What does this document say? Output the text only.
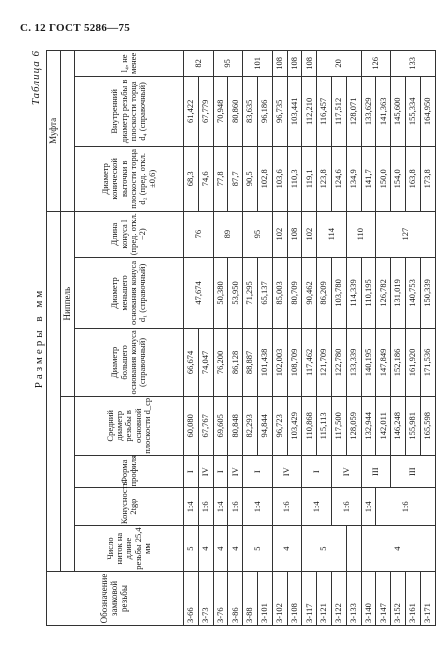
С. 12 ГОСТ 5286—75
Таблица 6
Размеры в мм
Обозначение замковой резьбы								Муфта		
					Ниппель					
	Число ниток на длине резьбы 25,4 мм	Конусность 2tgφ	Форма профиля	Средний диаметр резьбы в основной плоскости d_ср	Диаметр большего основания конуса (справочный)	Диаметр меньшего основания конуса d₁ (справочный)	Длина конуса l (пред. откл. −2)	Диаметр конической выточки в плоскости торца d₂ (пред. откл. ±0,6)	Внутренний диаметр резьбы в плоскости торца d₄ (справочный)	l₄, не менее
З-66	5	1:4	I	60,080	66,674	47,674	76	68,3	61,422	82
З-73	4	1:6	IV	67,767	74,047			74,6	67,779	
З-76	4	1:4	I	69,605	76,200	50,380	89	77,8	70,948	95
З-86	4	1:6	IV	80,848	86,128	53,950		87,7	80,860	
З-88	5	1:4	I	82,293	88,887	71,295	95	90,5	83,635	101
З-101				94,844	101,438	65,137		102,8	96,186	
З-102	4	1:6	IV	96,723	102,003	85,003	102	103,6	96,735	108
З-108				103,429	108,709	80,709	108	110,3	103,441	108
З-117	5	1:4	I	110,868	117,462	90,462	102	119,1	112,210	108
З-121				115,113	121,709	86,209	114	123,8	116,457	20
З-122		1:6	IV	117,500	122,780	103,780		124,6	117,512	
З-133				128,059	133,339	114,339	110	134,9	128,071	
З-140	4	1:4	III	132,944	140,195	110,195		141,7	133,629	126
З-147		1:6		142,011	147,849	126,782	127	150,0	141,363	
З-152			III	146,248	152,186	131,019		154,0	145,600	133
З-161				155,981	161,920	140,753		163,8	155,334	
З-171				165,598	171,536	150,339		173,8	164,950	
